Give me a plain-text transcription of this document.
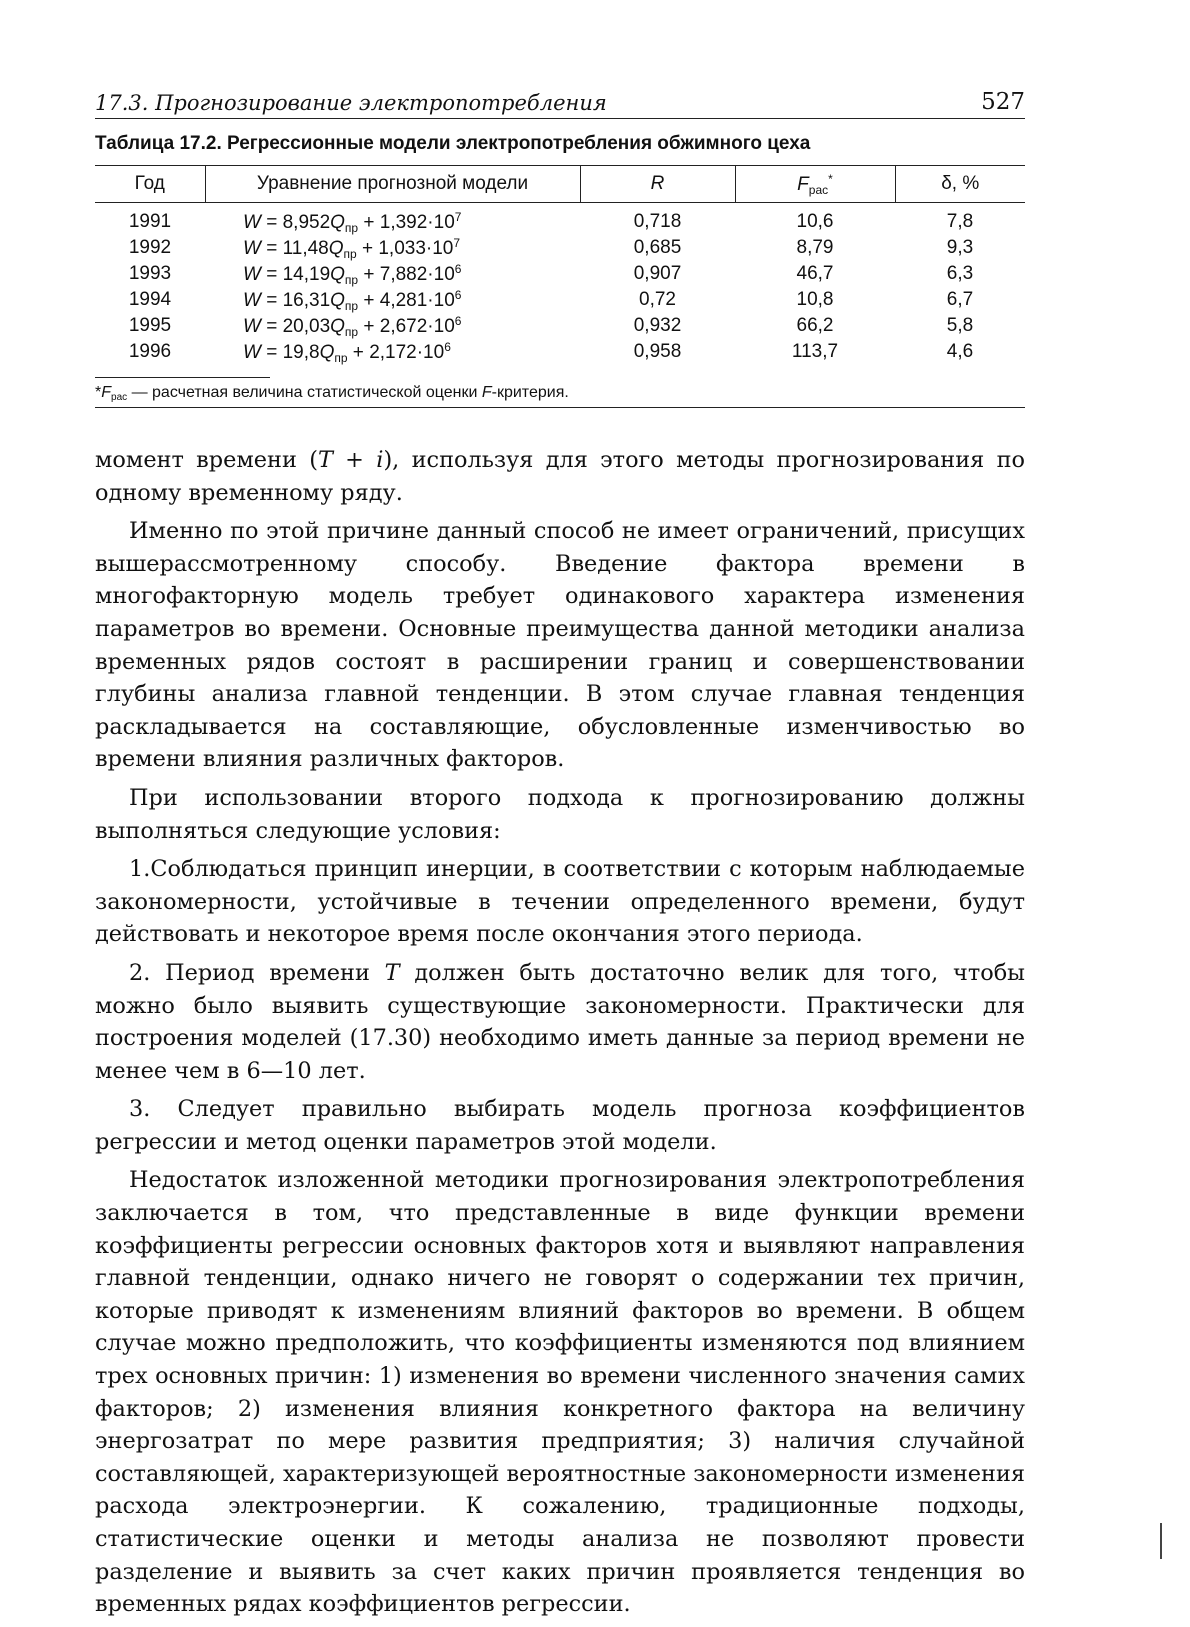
17.3. Прогнозирование электропотребления	527
Таблица 17.2. Регрессионные модели электропотребления обжимного цеха
Год	Уравнение прогнозной модели	R	$F_{рас}^*$	δ, %
1991	$W = 8,952Q_{пр} + 1,392\cdot 10^7$	0,718	10,6	7,8
1992	$W = 11,48Q_{пр} + 1,033\cdot 10^7$	0,685	8,79	9,3
1993	$W = 14,19Q_{пр} + 7,882\cdot 10^6$	0,907	46,7	6,3
1994	$W = 16,31Q_{пр} + 4,281\cdot 10^6$	0,72	10,8	6,7
1995	$W = 20,03Q_{пр} + 2,672\cdot 10^6$	0,932	66,2	5,8
1996	$W = 19,8Q_{пр} + 2,172\cdot 10^6$	0,958	113,7	4,6
$*F_{рас}$ — расчетная величина статистической оценки F-критерия.

момент времени (T + i), используя для этого методы прогнозирования по одному временному ряду.

Именно по этой причине данный способ не имеет ограничений, присущих вышерассмотренному способу. Введение фактора времени в многофакторную модель требует одинакового характера изменения параметров во времени. Основные преимущества данной методики анализа временных рядов состоят в расширении границ и совершенствовании глубины анализа главной тенденции. В этом случае главная тенденция раскладывается на составляющие, обусловленные изменчивостью во времени влияния различных факторов.

При использовании второго подхода к прогнозированию должны выполняться следующие условия:

1.Соблюдаться принцип инерции, в соответствии с которым наблюдаемые закономерности, устойчивые в течении определенного времени, будут действовать и некоторое время после окончания этого периода.

2. Период времени T должен быть достаточно велик для того, чтобы можно было выявить существующие закономерности. Практически для построения моделей (17.30) необходимо иметь данные за период времени не менее чем в 6—10 лет.

3. Следует правильно выбирать модель прогноза коэффициентов регрессии и метод оценки параметров этой модели.

Недостаток изложенной методики прогнозирования электропотребления заключается в том, что представленные в виде функции времени коэффициенты регрессии основных факторов хотя и выявляют направления главной тенденции, однако ничего не говорят о содержании тех причин, которые приводят к изменениям влияний факторов во времени. В общем случае можно предположить, что коэффициенты изменяются под влиянием трех основных причин: 1) изменения во времени численного значения самих факторов; 2) изменения влияния конкретного фактора на величину энергозатрат по мере развития предприятия; 3) наличия случайной составляющей, характеризующей вероятностные закономерности изменения расхода электроэнергии. К сожалению, традиционные подходы, статистические оценки и методы анализа не позволяют провести разделение и выявить за счет каких причин проявляется тенденция во временных рядах коэффициентов регрессии.
